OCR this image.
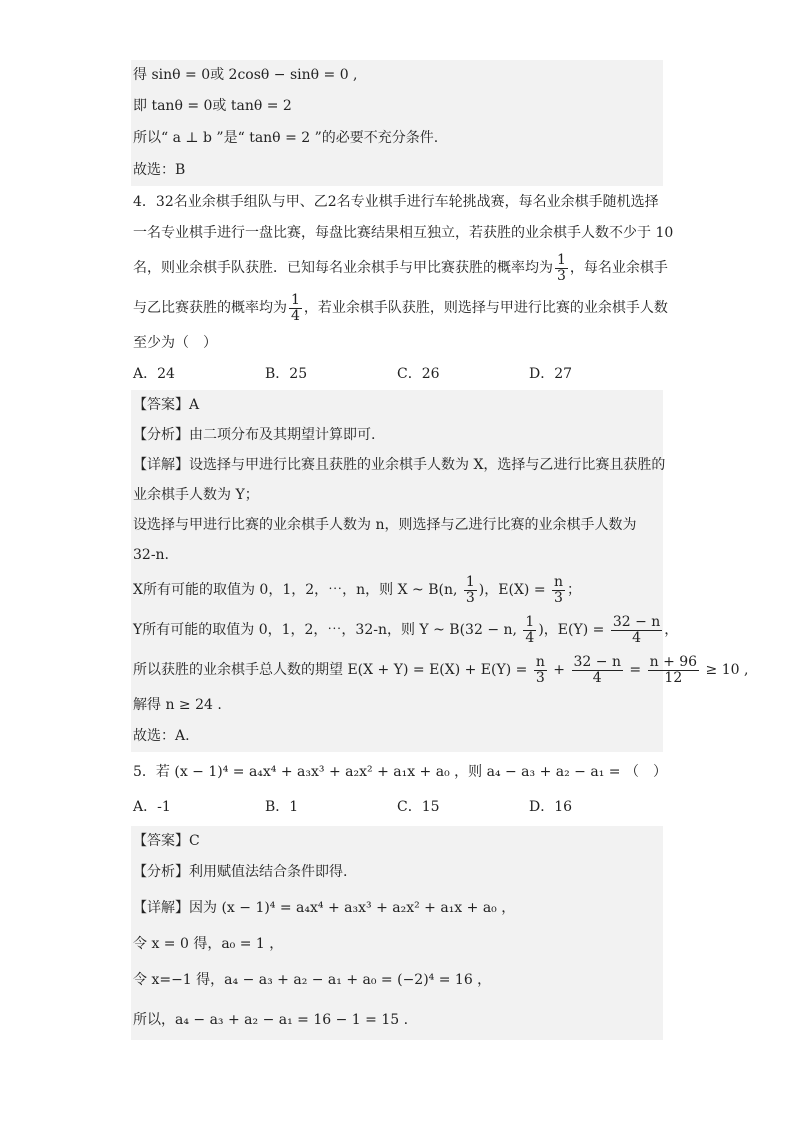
得 sinθ = 0或 2cosθ − sinθ = 0 ,
即 tanθ = 0或 tanθ = 2
所以“ a ⊥ b ”是“ tanθ = 2 ”的必要不充分条件.
故选：B
4．32名业余棋手组队与甲、乙2名专业棋手进行车轮挑战赛，每名业余棋手随机选择
一名专业棋手进行一盘比赛，每盘比赛结果相互独立，若获胜的业余棋手人数不少于 10
名，则业余棋手队获胜．已知每名业余棋手与甲比赛获胜的概率均为 $\frac{1}{3}$ ，每名业余棋手
与乙比赛获胜的概率均为 $\frac{1}{4}$ ，若业余棋手队获胜，则选择与甲进行比赛的业余棋手人数
至少为（　）
A．24	B．25	C．26	D．27
【答案】A
【分析】由二项分布及其期望计算即可.
【详解】设选择与甲进行比赛且获胜的业余棋手人数为 X，选择与乙进行比赛且获胜的
业余棋手人数为 Y；
设选择与甲进行比赛的业余棋手人数为 n，则选择与乙进行比赛的业余棋手人数为
32-n.
X所有可能的取值为 0，1，2，⋯，n，则 X ~ B(n, $\frac{1}{3}$ )，$E(X) = \frac{n}{3}$ ；
Y所有可能的取值为 0，1，2，⋯，32-n，则 Y ~ B(32 − n, $\frac{1}{4}$ )，$E(Y) = \frac{32 - n}{4}$ ，
所以获胜的业余棋手总人数的期望 $E(X + Y) = E(X) + E(Y) = \frac{n}{3} + \frac{32 - n}{4} = \frac{n + 96}{12} \ge 10$ ,
解得 n ≥ 24 .
故选：A.
5．若 (x − 1)⁴ = a₄x⁴ + a₃x³ + a₂x² + a₁x + a₀ ，则 a₄ − a₃ + a₂ − a₁ = （　）
A．-1	B．1	C．15	D．16
【答案】C
【分析】利用赋值法结合条件即得.
【详解】因为 (x − 1)⁴ = a₄x⁴ + a₃x³ + a₂x² + a₁x + a₀ ，
令 x = 0 得，a₀ = 1 ，
令 x=−1 得，a₄ − a₃ + a₂ − a₁ + a₀ = (−2)⁴ = 16 ，
所以，a₄ − a₃ + a₂ − a₁ = 16 − 1 = 15 .
